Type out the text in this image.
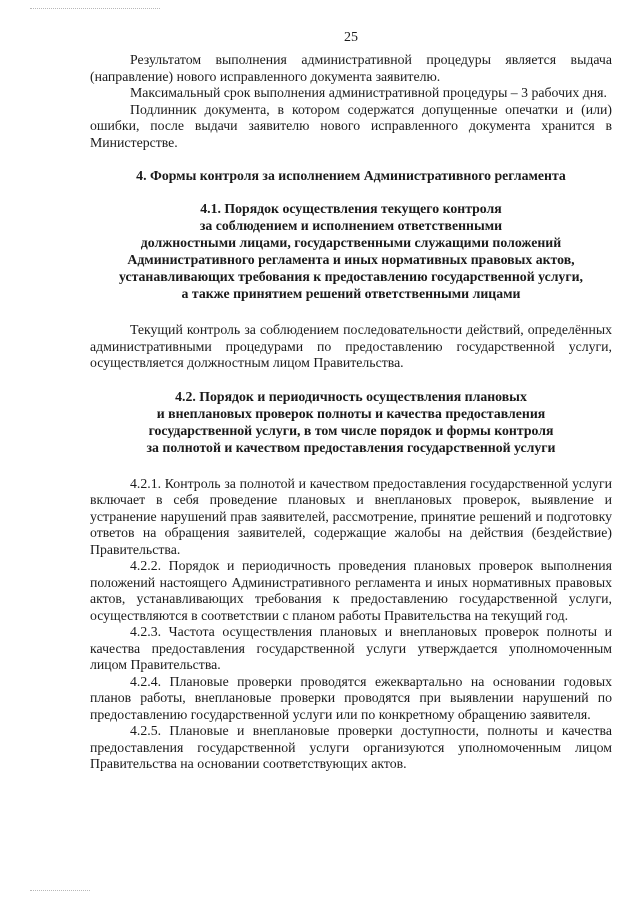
25

Результатом выполнения административной процедуры является выдача (направление) нового исправленного документа заявителю.

Максимальный срок выполнения административной процедуры – 3 рабочих дня.

Подлинник документа, в котором содержатся допущенные опечатки и (или) ошибки, после выдачи заявителю нового исправленного документа хранится в Министерстве.

4. Формы контроля за исполнением Административного регламента
4.1. Порядок осуществления текущего контроля
за соблюдением и исполнением ответственными
должностными лицами, государственными служащими положений
Административного регламента и иных нормативных правовых актов,
устанавливающих требования к предоставлению государственной услуги,
а также принятием решений ответственными лицами

Текущий контроль за соблюдением последовательности действий, определённых административными процедурами по предоставлению государственной услуги, осуществляется должностным лицом Правительства.

4.2. Порядок и периодичность осуществления плановых
и внеплановых проверок полноты и качества предоставления
государственной услуги, в том числе порядок и формы контроля
за полнотой и качеством предоставления государственной услуги

4.2.1. Контроль за полнотой и качеством предоставления государственной услуги включает в себя проведение плановых и внеплановых проверок, выявление и устранение нарушений прав заявителей, рассмотрение, принятие решений и подготовку ответов на обращения заявителей, содержащие жалобы на действия (бездействие) Правительства.

4.2.2. Порядок и периодичность проведения плановых проверок выполнения положений настоящего Административного регламента и иных нормативных правовых актов, устанавливающих требования к предоставлению государственной услуги, осуществляются в соответствии с планом работы Правительства на текущий год.

4.2.3. Частота осуществления плановых и внеплановых проверок полноты и качества предоставления государственной услуги утверждается уполномоченным лицом Правительства.

4.2.4. Плановые проверки проводятся ежеквартально на основании годовых планов работы, внеплановые проверки проводятся при выявлении нарушений по предоставлению государственной услуги или по конкретному обращению заявителя.

4.2.5. Плановые и внеплановые проверки доступности, полноты и качества предоставления государственной услуги организуются уполномоченным лицом Правительства на основании соответствующих актов.
